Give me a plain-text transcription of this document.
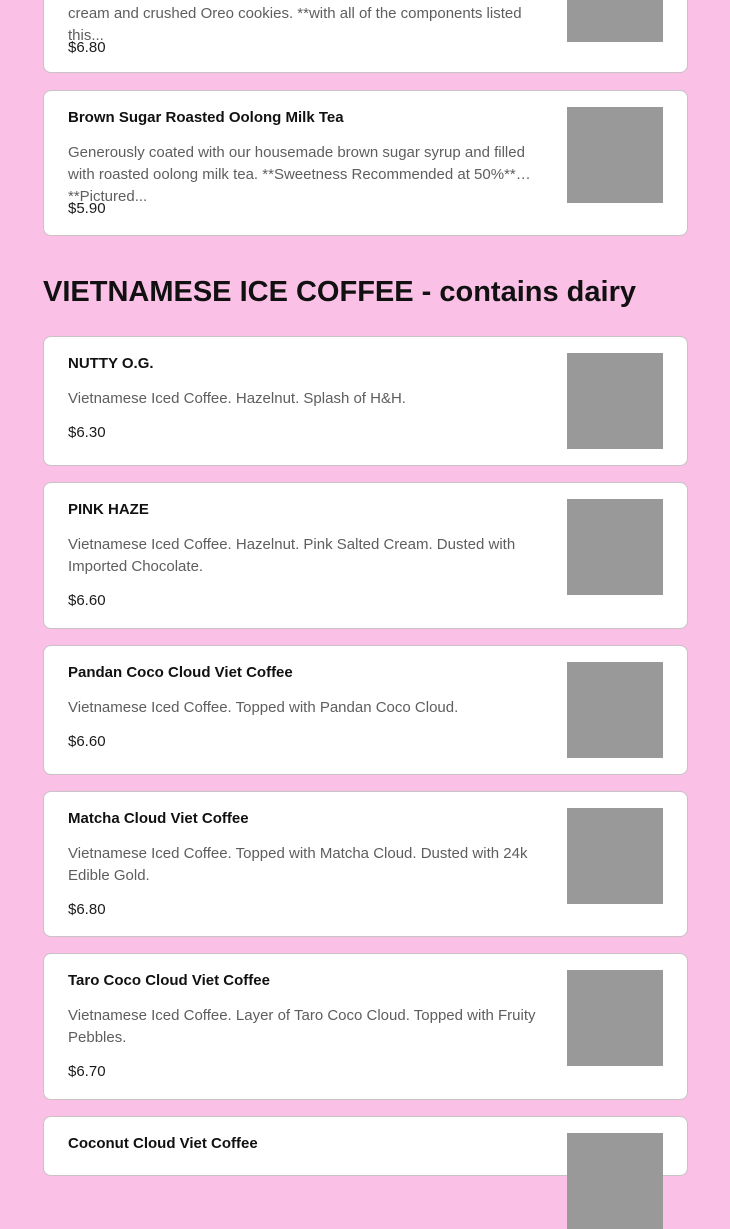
cream and crushed Oreo cookies. **with all of the components listed this...
$6.80
Brown Sugar Roasted Oolong Milk Tea
Generously coated with our housemade brown sugar syrup and filled with roasted oolong milk tea. **Sweetness Recommended at 50%** **Pictured...
$5.90
VIETNAMESE ICE COFFEE - contains dairy
NUTTY O.G.
Vietnamese Iced Coffee. Hazelnut. Splash of H&H.
$6.30
PINK HAZE
Vietnamese Iced Coffee. Hazelnut. Pink Salted Cream. Dusted with Imported Chocolate.
$6.60
Pandan Coco Cloud Viet Coffee
Vietnamese Iced Coffee. Topped with Pandan Coco Cloud.
$6.60
Matcha Cloud Viet Coffee
Vietnamese Iced Coffee. Topped with Matcha Cloud. Dusted with 24k Edible Gold.
$6.80
Taro Coco Cloud Viet Coffee
Vietnamese Iced Coffee. Layer of Taro Coco Cloud. Topped with Fruity Pebbles.
$6.70
Coconut Cloud Viet Coffee
